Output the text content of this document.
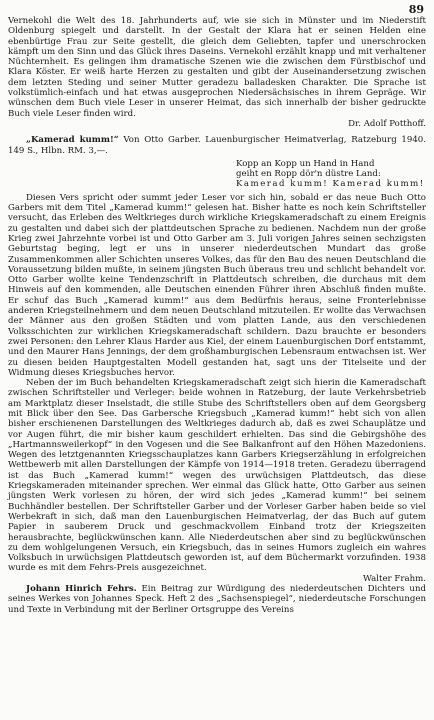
89

Vernekohl die Welt des 18. Jahrhunderts auf, wie sie sich in Münster und im Niederstift Oldenburg spiegelt und darstellt. In der Gestalt der Klara hat er seinen Helden eine ebenbürtige Frau zur Seite gestellt, die gleich dem Geliebten, tapfer und unerschrocken kämpft um den Sinn und das Glück ihres Daseins. Vernekohl erzählt knapp und mit verhaltener Nüchternheit. Es gelingen ihm dramatische Szenen wie die zwischen dem Fürstbischof und Klara Köster. Er weiß harte Herzen zu gestalten und gibt der Auseinandersetzung zwischen dem letzten Steding und seiner Mutter geradezu balladesken Charakter. Die Sprache ist volkstümlich-einfach und hat etwas ausgeprochen Niedersächsisches in ihrem Gepräge. Wir wünschen dem Buch viele Leser in unserer Heimat, das sich innerhalb der bisher gedruckte Buch viele Leser finden wird.

Dr. Adolf Potthoff.

„Kamerad kumm!“ Von Otto Garber. Lauenburgischer Heimatverlag, Ratzeburg 1940. 149 S., Hlbn. RM. 3,—.

Kopp an Kopp un Hand in Hand
geiht en Ropp dör'n düstre Land:
Kamerad kumm! Kamerad kumm!

Diesen Vers spricht oder summt jeder Leser vor sich hin, sobald er das neue Buch Otto Garbers mit dem Titel „Kamerad kumm!“ gelesen hat. Bisher hatte es noch kein Schriftsteller versucht, das Erleben des Weltkrieges durch wirkliche Kriegskameradschaft zu einem Ereignis zu gestalten und dabei sich der plattdeutschen Sprache zu bedienen. Nachdem nun der große Krieg zwei Jahrzehnte vorbei ist und Otto Garber am 3. Juli vorigen Jahres seinen sechzigsten Geburtstag beging, legt er uns in unserer niederdeutschen Mundart das große Zusammenkommen aller Schichten unseres Volkes, das für den Bau des neuen Deutschland die Voraussetzung bilden mußte, in seinem jüngsten Buch überaus treu und schlicht behandelt vor. Otto Garber wollte keine Tendenzschrift in Plattdeutsch schreiben, die durchaus mit dem Hinweis auf den kommenden, alle Deutschen einenden Führer ihren Abschluß finden mußte. Er schuf das Buch „Kamerad kumm!“ aus dem Bedürfnis heraus, seine Fronterlebnisse anderen Kriegsteilnehmern und dem neuen Deutschland mitzuteilen. Er wollte das Verwachsen der Männer aus den großen Städten und vom platten Lande, aus den verschiedenen Volksschichten zur wirklichen Kriegskameradschaft schildern. Dazu brauchte er besonders zwei Personen: den Lehrer Klaus Harder aus Kiel, der einem Lauenburgischen Dorf entstammt, und den Maurer Hans Jennings, der dem großhamburgischen Lebensraum entwachsen ist. Wer zu diesen beiden Hauptgestalten Modell gestanden hat, sagt uns der Titelseite und der Widmung dieses Kriegsbuches hervor.

Neben der im Buch behandelten Kriegskameradschaft zeigt sich hierin die Kameradschaft zwischen Schriftsteller und Verleger: beide wohnen in Ratzeburg, der laute Verkehrsbetrieb am Marktplatz dieser Inselstadt, die stille Stube des Schriftstellers oben auf dem Georgsberg mit Blick über den See. Das Garbersche Kriegsbuch „Kamerad kumm!“ hebt sich von allen bisher erschienenen Darstellungen des Weltkrieges dadurch ab, daß es zwei Schauplätze und vor Augen führt, die mir bisher kaum geschildert erhielten. Das sind die Gebirgshöhe des „Hartmannsweilerkopf“ in den Vogesen und die See Balkanfront auf den Höhen Mazedoniens. Wegen des letztgenannten Kriegsschauplatzes kann Garbers Kriegserzählung in erfolgreichen Wettbewerb mit allen Darstellungen der Kämpfe von 1914—1918 treten. Geradezu überragend ist das Buch „Kamerad kumm!“ wegen des urwüchsigen Plattdeutsch, das diese Kriegskameraden miteinander sprechen. Wer einmal das Glück hatte, Otto Garber aus seinen jüngsten Werk vorlesen zu hören, der wird sich jedes „Kamerad kumm!“ bei seinem Buchhändler bestellen. Der Schriftsteller Garber und der Vorleser Garber haben beide so viel Werbekraft in sich, daß man den Lauenburgischen Heimatverlag, der das Buch auf gutem Papier in sauberem Druck und geschmackvollem Einband trotz der Kriegszeiten herausbrachte, beglückwünschen kann. Alle Niederdeutschen aber sind zu beglückwünschen zu dem wohlgelungenen Versuch, ein Kriegsbuch, das in seines Humors zugleich ein wahres Volksbuch in urwüchsigen Plattdeutsch geworden ist, auf dem Büchermarkt vorzufinden. 1938 wurde es mit dem Fehrs-Preis ausgezeichnet.

Walter Frahm.

Johann Hinrich Fehrs. Ein Beitrag zur Würdigung des niederdeutschen Dichters und seines Werkes von Johannes Speck. Heft 2 des „Sachsenspiegel“, niederdeutsche Forschungen und Texte in Verbindung mit der Berliner Ortsgruppe des Vereins
